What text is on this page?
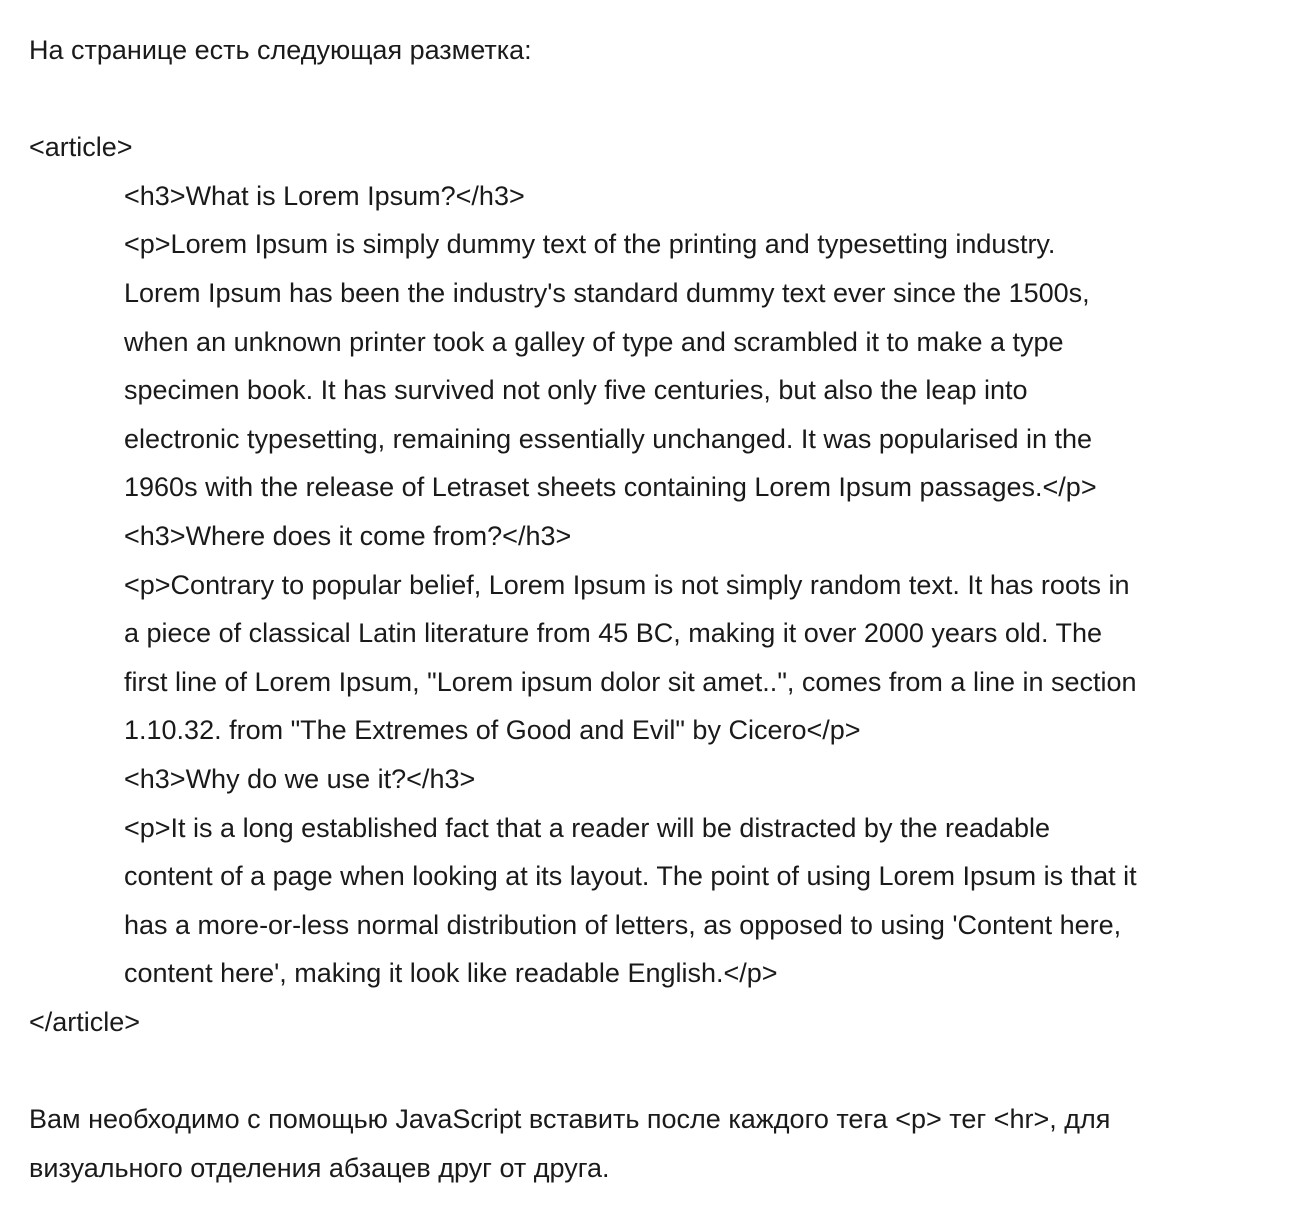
На странице есть следующая разметка:
<article>
<h3>What is Lorem Ipsum?</h3>
<p>Lorem Ipsum is simply dummy text of the printing and typesetting industry.
Lorem Ipsum has been the industry's standard dummy text ever since the 1500s,
when an unknown printer took a galley of type and scrambled it to make a type
specimen book. It has survived not only five centuries, but also the leap into
electronic typesetting, remaining essentially unchanged. It was popularised in the
1960s with the release of Letraset sheets containing Lorem Ipsum passages.</p>
<h3>Where does it come from?</h3>
<p>Contrary to popular belief, Lorem Ipsum is not simply random text. It has roots in
a piece of classical Latin literature from 45 BC, making it over 2000 years old. The
first line of Lorem Ipsum, "Lorem ipsum dolor sit amet..", comes from a line in section
1.10.32. from "The Extremes of Good and Evil" by Cicero</p>
<h3>Why do we use it?</h3>
<p>It is a long established fact that a reader will be distracted by the readable
content of a page when looking at its layout. The point of using Lorem Ipsum is that it
has a more-or-less normal distribution of letters, as opposed to using 'Content here,
content here', making it look like readable English.</p>
</article>
Вам необходимо с помощью JavaScript вставить после каждого тега <p> тег <hr>, для
визуального отделения абзацев друг от друга.
